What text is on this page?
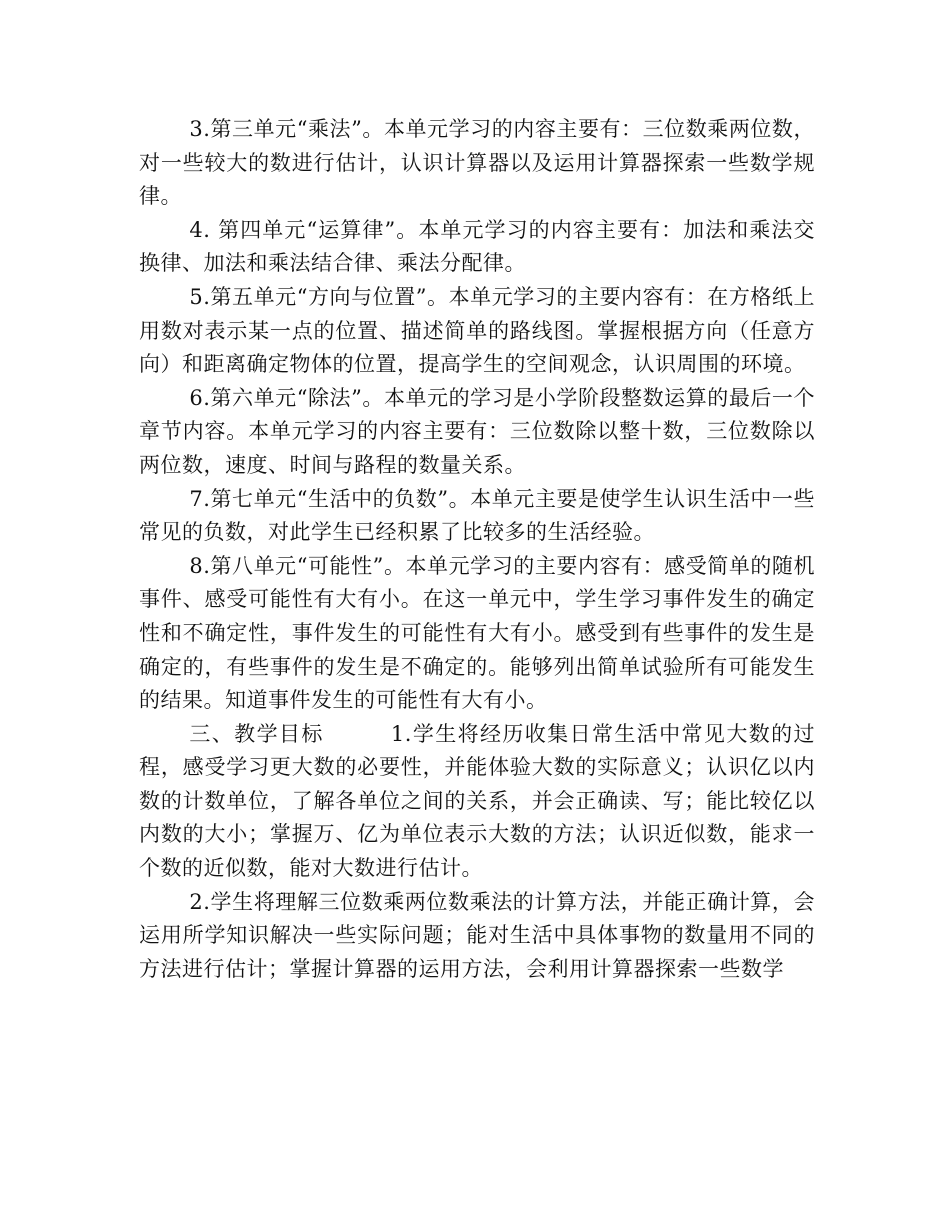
3.第三单元“乘法”。本单元学习的内容主要有：三位数乘两位数，对一些较大的数进行估计，认识计算器以及运用计算器探索一些数学规律。

4. 第四单元“运算律”。本单元学习的内容主要有：加法和乘法交换律、加法和乘法结合律、乘法分配律。

5.第五单元“方向与位置”。本单元学习的主要内容有：在方格纸上用数对表示某一点的位置、描述简单的路线图。掌握根据方向（任意方向）和距离确定物体的位置，提高学生的空间观念，认识周围的环境。

6.第六单元“除法”。本单元的学习是小学阶段整数运算的最后一个章节内容。本单元学习的内容主要有：三位数除以整十数，三位数除以两位数，速度、时间与路程的数量关系。

7.第七单元“生活中的负数”。本单元主要是使学生认识生活中一些常见的负数，对此学生已经积累了比较多的生活经验。

8.第八单元“可能性”。本单元学习的主要内容有：感受简单的随机事件、感受可能性有大有小。在这一单元中，学生学习事件发生的确定性和不确定性，事件发生的可能性有大有小。感受到有些事件的发生是确定的，有些事件的发生是不确定的。能够列出简单试验所有可能发生的结果。知道事件发生的可能性有大有小。

三、教学目标　　　1.学生将经历收集日常生活中常见大数的过程，感受学习更大数的必要性，并能体验大数的实际意义；认识亿以内数的计数单位，了解各单位之间的关系，并会正确读、写；能比较亿以内数的大小；掌握万、亿为单位表示大数的方法；认识近似数，能求一个数的近似数，能对大数进行估计。

2.学生将理解三位数乘两位数乘法的计算方法，并能正确计算，会运用所学知识解决一些实际问题；能对生活中具体事物的数量用不同的方法进行估计；掌握计算器的运用方法，会利用计算器探索一些数学
